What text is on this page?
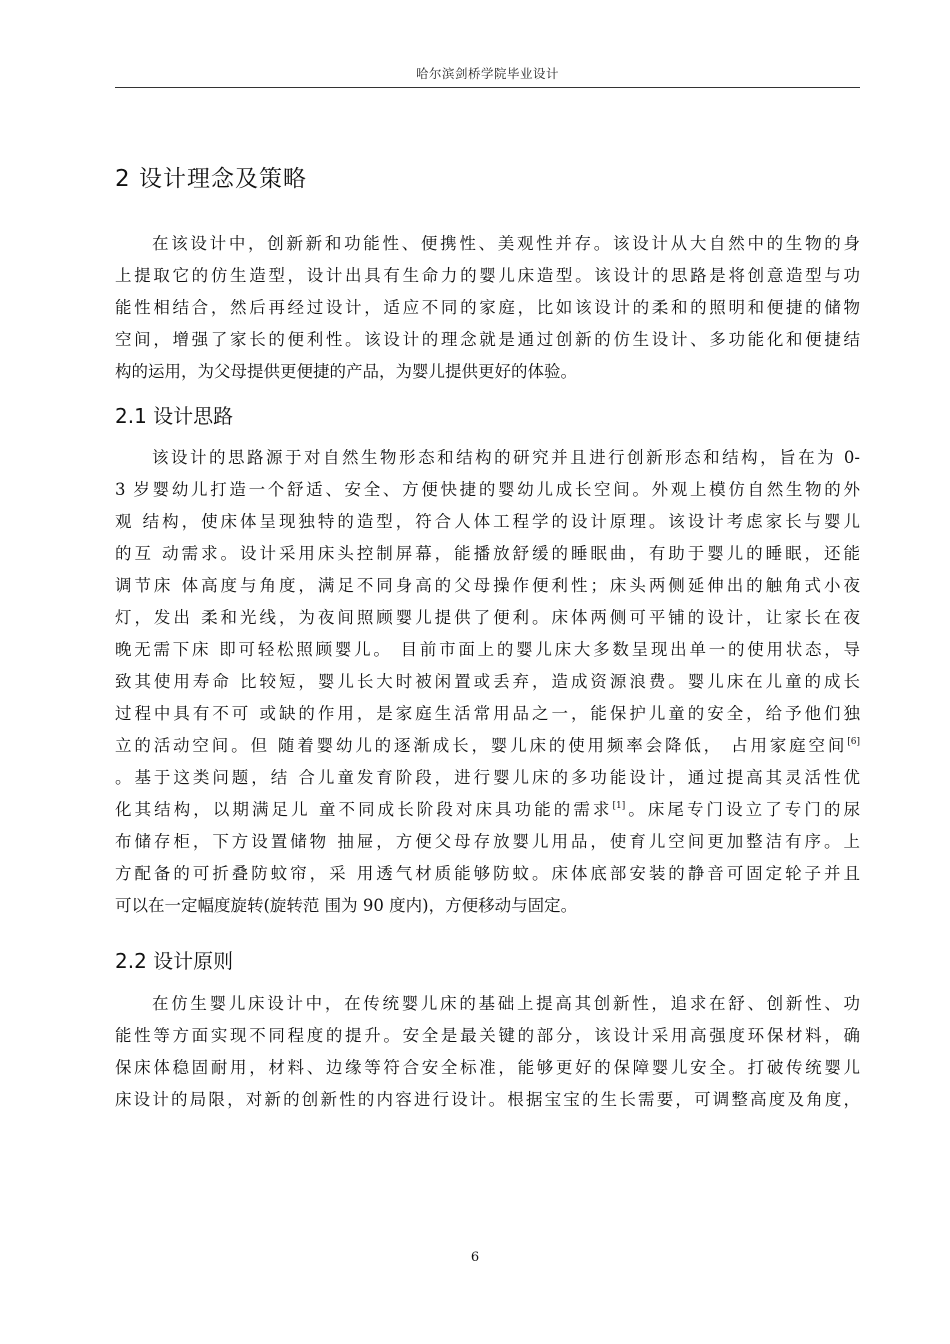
哈尔滨剑桥学院毕业设计
2 设计理念及策略
在该设计中，创新新和功能性、便携性、美观性并存。该设计从大自然中的生物的身
上提取它的仿生造型，设计出具有生命力的婴儿床造型。该设计的思路是将创意造型与功
能性相结合，然后再经过设计，适应不同的家庭，比如该设计的柔和的照明和便捷的储物
空间，增强了家长的便利性。该设计的理念就是通过创新的仿生设计、多功能化和便捷结
构的运用，为父母提供更便捷的产品，为婴儿提供更好的体验。
2.1 设计思路
该设计的思路源于对自然生物形态和结构的研究并且进行创新形态和结构，旨在为 0-
3 岁婴幼儿打造一个舒适、安全、方便快捷的婴幼儿成长空间。外观上模仿自然生物的外
观 结构，使床体呈现独特的造型，符合人体工程学的设计原理。该设计考虑家长与婴儿
的互 动需求。设计采用床头控制屏幕，能播放舒缓的睡眠曲，有助于婴儿的睡眠，还能
调节床 体高度与角度，满足不同身高的父母操作便利性；床头两侧延伸出的触角式小夜
灯，发出 柔和光线，为夜间照顾婴儿提供了便利。床体两侧可平铺的设计，让家长在夜
晚无需下床 即可轻松照顾婴儿。 目前市面上的婴儿床大多数呈现出单一的使用状态，导
致其使用寿命 比较短，婴儿长大时被闲置或丢弃，造成资源浪费。婴儿床在儿童的成长
过程中具有不可 或缺的作用，是家庭生活常用品之一，能保护儿童的安全，给予他们独
立的活动空间。但 随着婴幼儿的逐渐成长，婴儿床的使用频率会降低， 占用家庭空间[6]
。基于这类问题，结 合儿童发育阶段，进行婴儿床的多功能设计，通过提高其灵活性优
化其结构，以期满足儿 童不同成长阶段对床具功能的需求[1]。床尾专门设立了专门的尿
布储存柜，下方设置储物 抽屉，方便父母存放婴儿用品，使育儿空间更加整洁有序。上
方配备的可折叠防蚊帘，采 用透气材质能够防蚊。床体底部安装的静音可固定轮子并且
可以在一定幅度旋转(旋转范 围为 90 度内)，方便移动与固定。
2.2 设计原则
在仿生婴儿床设计中，在传统婴儿床的基础上提高其创新性，追求在舒、创新性、功
能性等方面实现不同程度的提升。安全是最关键的部分，该设计采用高强度环保材料，确
保床体稳固耐用，材料、边缘等符合安全标准，能够更好的保障婴儿安全。打破传统婴儿
床设计的局限，对新的创新性的内容进行设计。根据宝宝的生长需要，可调整高度及角度，
6
